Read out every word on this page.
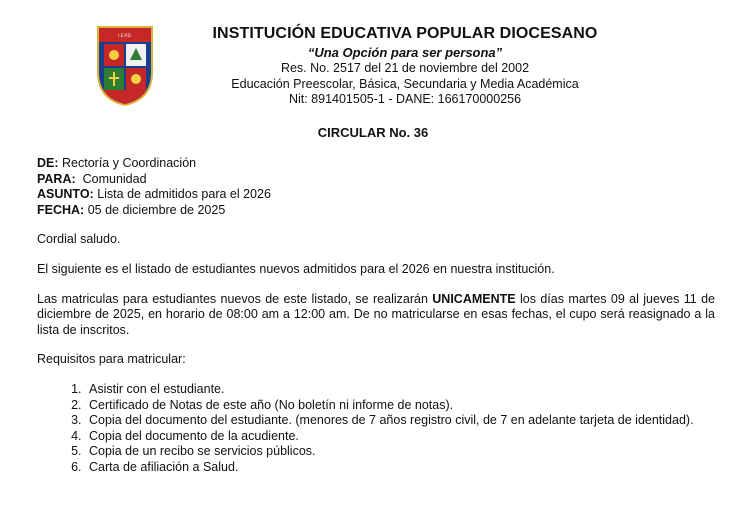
I.E.P.D.	INSTITUCIÓN EDUCATIVA POPULAR DIOCESANO
“Una Opción para ser persona”
Res. No. 2517 del 21 de noviembre del 2002
Educación Preescolar, Básica, Secundaria y Media Académica
Nit: 891401505-1 - DANE: 166170000256
CIRCULAR No. 36
DE: Rectoría y Coordinación
PARA:  Comunidad
ASUNTO: Lista de admitidos para el 2026
FECHA: 05 de diciembre de 2025
Cordial saludo.
El siguiente es el listado de estudiantes nuevos admitidos para el 2026 en nuestra institución.
Las matriculas para estudiantes nuevos de este listado, se realizarán UNICAMENTE los días martes 09 al jueves 11 de diciembre de 2025, en horario de 08:00 am a 12:00 am. De no matricularse en esas fechas, el cupo será reasignado a la lista de inscritos.
Requisitos para matricular:
1. Asistir con el estudiante.
2. Certificado de Notas de este año (No boletín ni informe de notas).
3. Copia del documento del estudiante. (menores de 7 años registro civil, de 7 en adelante tarjeta de identidad).
4. Copia del documento de la acudiente.
5. Copia de un recibo se servicios públicos.
6. Carta de afiliación a Salud.
